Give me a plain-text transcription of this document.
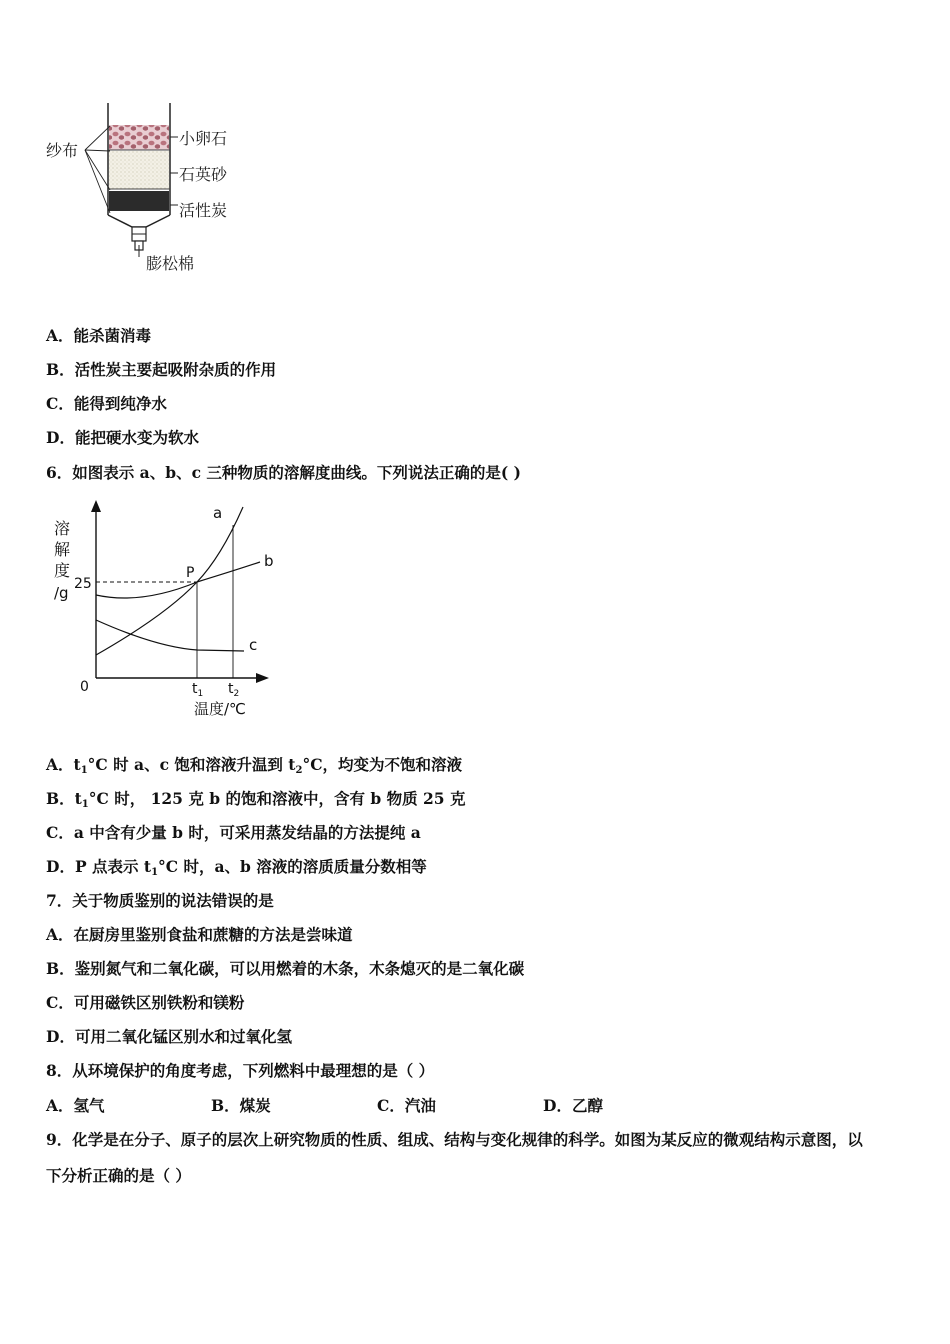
纱布
小卵石
石英砂
活性炭
膨松棉
A．能杀菌消毒
B．活性炭主要起吸附杂质的作用
C．能得到纯净水
D．能把硬水变为软水
6．如图表示 a、b、c 三种物质的溶解度曲线。下列说法正确的是( )
溶
解
度
/g 25
0
P
a
b
c
$t_1$ $t_2$
温度/℃
A．$t_1^\circ C$ 时 a、c 饱和溶液升温到 $t_2^\circ C$，均变为不饱和溶液
B．$t_1^\circ C$ 时， 125 克 b 的饱和溶液中，含有 b 物质 25 克
C．a 中含有少量 b 时，可采用蒸发结晶的方法提纯 a
D．P 点表示 $t_1^\circ C$ 时，a、b 溶液的溶质质量分数相等
7．关于物质鉴别的说法错误的是
A．在厨房里鉴别食盐和蔗糖的方法是尝味道
B．鉴别氮气和二氧化碳，可以用燃着的木条，木条熄灭的是二氧化碳
C．可用磁铁区别铁粉和镁粉
D．可用二氧化锰区别水和过氧化氢
8．从环境保护的角度考虑，下列燃料中最理想的是（ ）
A．氢气	B．煤炭	C．汽油	D．乙醇
9．化学是在分子、原子的层次上研究物质的性质、组成、结构与变化规律的科学。如图为某反应的微观结构示意图，以
下分析正确的是（ ）
